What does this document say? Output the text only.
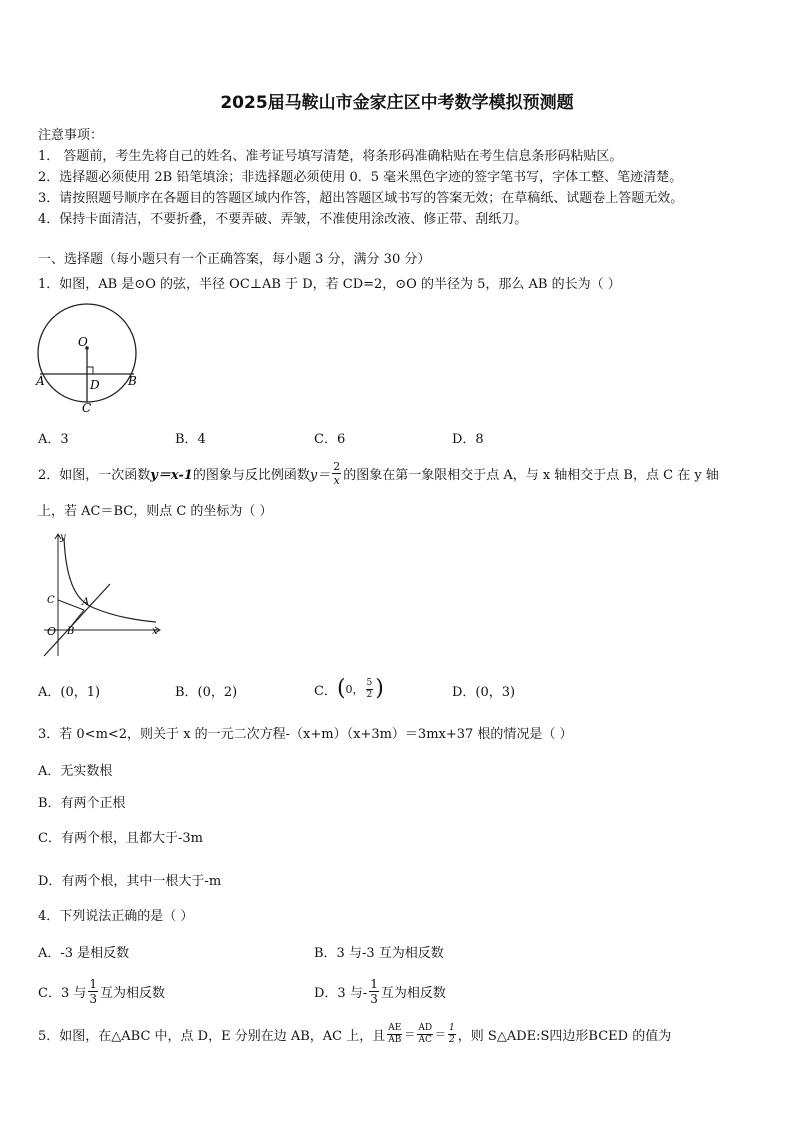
2025届马鞍山市金家庄区中考数学模拟预测题
注意事项：
1． 答题前，考生先将自己的姓名、准考证号填写清楚，将条形码准确粘贴在考生信息条形码粘贴区。
2．选择题必须使用 2B 铅笔填涂；非选择题必须使用 0．5 毫米黑色字迹的签字笔书写，字体工整、笔迹清楚。
3．请按照题号顺序在各题目的答题区域内作答，超出答题区域书写的答案无效；在草稿纸、试题卷上答题无效。
4．保持卡面清洁，不要折叠，不要弄破、弄皱，不准使用涂改液、修正带、刮纸刀。
一、选择题（每小题只有一个正确答案，每小题 3 分，满分 30 分）
1．如图，AB 是⊙O 的弦，半径 OC⊥AB 于 D，若 CD=2，⊙O 的半径为 5，那么 AB 的长为（ ）
O
A	B
D
C
A．3	B．4	C．6	D．8
2．如图，一次函数 y＝x-1 的图象与反比例函数 $y= \frac{2}{x}$ 的图象在第一象限相交于点 A，与 x 轴相交于点 B，点 C 在 y 轴
上，若 AC＝BC，则点 C 的坐标为（ ）
y
x
O B
C	A
A．(0，1)	B．(0，2)	C． ( 0， $\frac{5}{2}$ )	D．(0，3)
3．若 0<m<2，则关于 x 的一元二次方程-（x+m）（x+3m）＝3mx+37 根的情况是（ ）
A．无实数根
B．有两个正根
C．有两个根，且都大于-3m
D．有两个根，其中一根大于-m
4．下列说法正确的是（ ）
A．-3 是相反数	B．3 与-3 互为相反数
C．3 与 $\frac{1}{3}$ 互为相反数	D．3 与- $\frac{1}{3}$ 互为相反数
5．如图，在△ABC 中，点 D，E 分别在边 AB，AC 上，且 $\frac{AE}{AB} = \frac{AD}{AC} = \frac{1}{2}$ ，则 S△ADE:S四边形BCED 的值为
